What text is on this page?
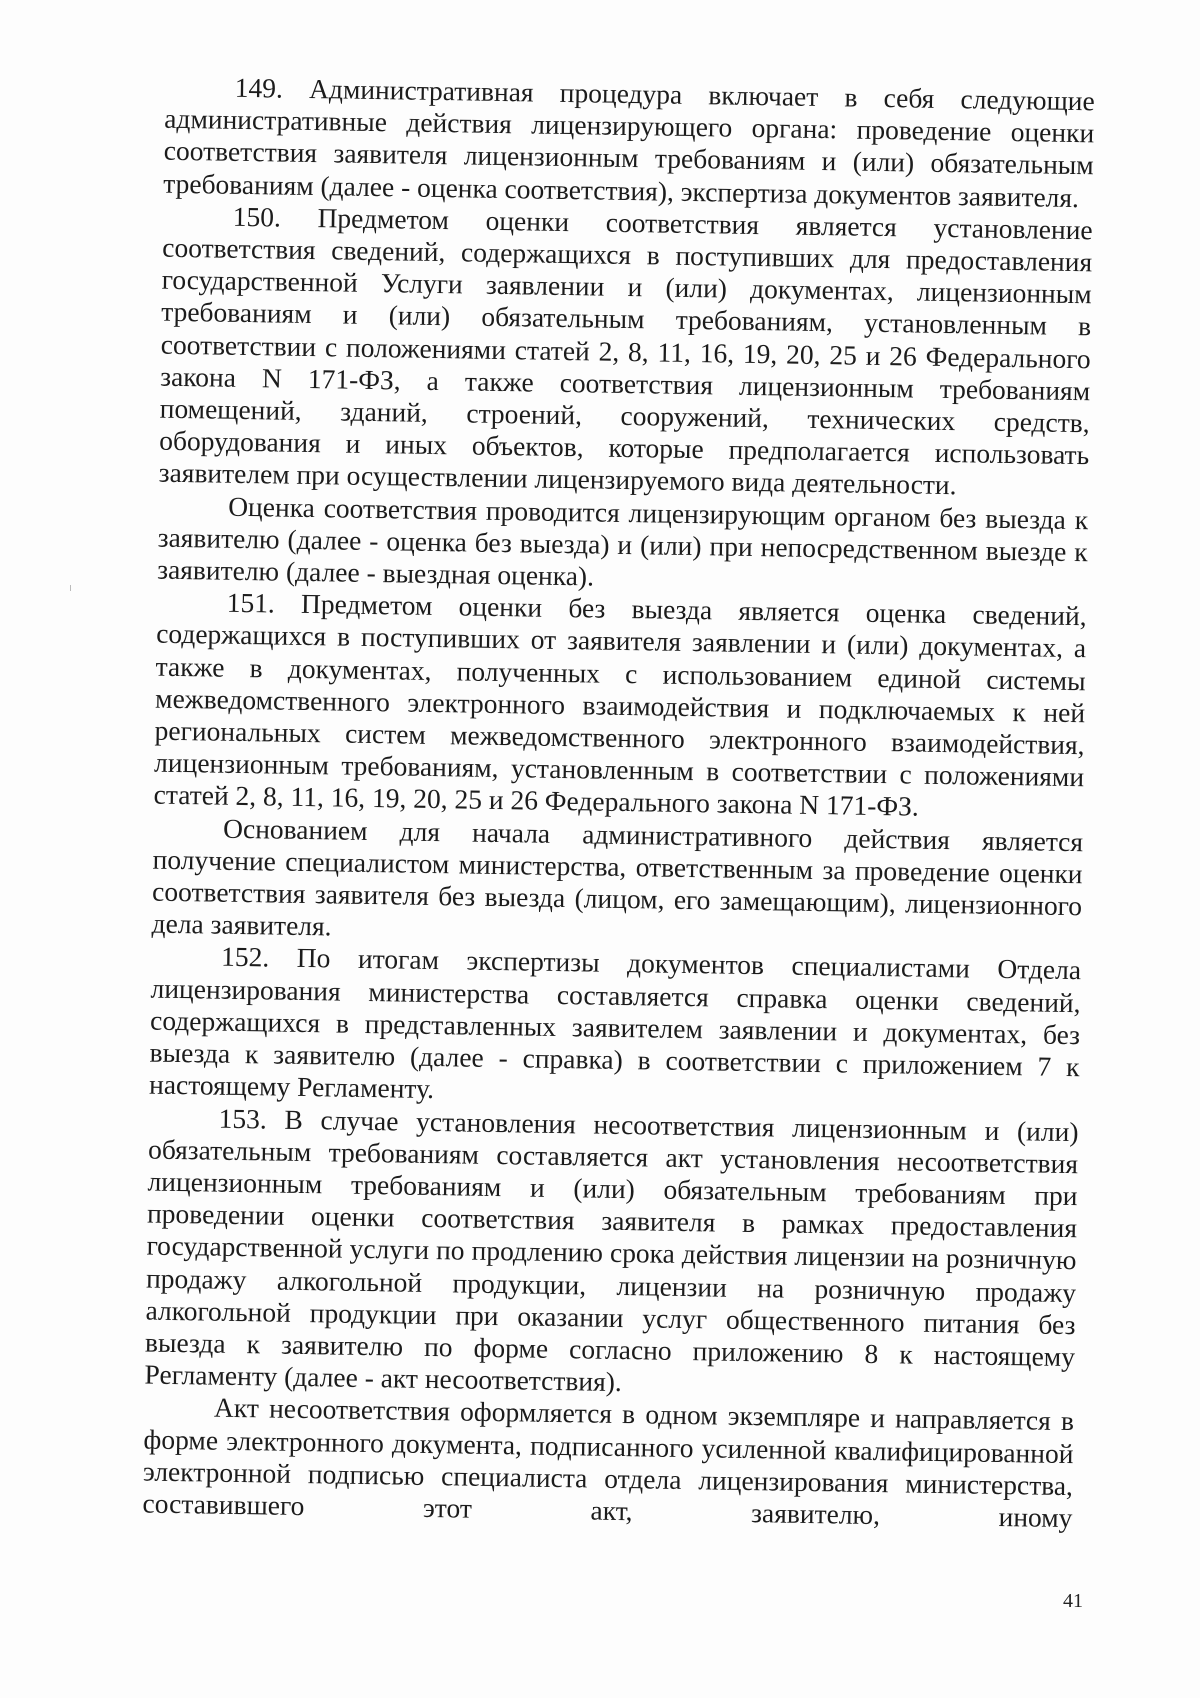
149. Административная процедура включает в себя следующие административные действия лицензирующего органа: проведение оценки соответствия заявителя лицензионным требованиям и (или) обязательным требованиям (далее - оценка соответствия), экспертиза документов заявителя.

150. Предметом оценки соответствия является установление соответствия сведений, содержащихся в поступивших для предоставления государственной Услуги заявлении и (или) документах, лицензионным требованиям и (или) обязательным требованиям, установленным в соответствии с положениями статей 2, 8, 11, 16, 19, 20, 25 и 26 Федерального закона N 171-ФЗ, а также соответствия лицензионным требованиям помещений, зданий, строений, сооружений, технических средств, оборудования и иных объектов, которые предполагается использовать заявителем при осуществлении лицензируемого вида деятельности.

Оценка соответствия проводится лицензирующим органом без выезда к заявителю (далее - оценка без выезда) и (или) при непосредственном выезде к заявителю (далее - выездная оценка).

151. Предметом оценки без выезда является оценка сведений, содержащихся в поступивших от заявителя заявлении и (или) документах, а также в документах, полученных с использованием единой системы межведомственного электронного взаимодействия и подключаемых к ней региональных систем межведомственного электронного взаимодействия, лицензионным требованиям, установленным в соответствии с положениями статей 2, 8, 11, 16, 19, 20, 25 и 26 Федерального закона N 171-ФЗ.

Основанием для начала административного действия является получение специалистом министерства, ответственным за проведение оценки соответствия заявителя без выезда (лицом, его замещающим), лицензионного дела заявителя.

152. По итогам экспертизы документов специалистами Отдела лицензирования министерства составляется справка оценки сведений, содержащихся в представленных заявителем заявлении и документах, без выезда к заявителю (далее - справка) в соответствии с приложением 7 к настоящему Регламенту.

153. В случае установления несоответствия лицензионным и (или) обязательным требованиям составляется акт установления несоответствия лицензионным требованиям и (или) обязательным требованиям при проведении оценки соответствия заявителя в рамках предоставления государственной услуги по продлению срока действия лицензии на розничную продажу алкогольной продукции, лицензии на розничную продажу алкогольной продукции при оказании услуг общественного питания без выезда к заявителю по форме согласно приложению 8 к настоящему Регламенту (далее - акт несоответствия).

Акт несоответствия оформляется в одном экземпляре и направляется в форме электронного документа, подписанного усиленной квалифицированной электронной подписью специалиста отдела лицензирования министерства, составившего этот акт, заявителю, иному

41
